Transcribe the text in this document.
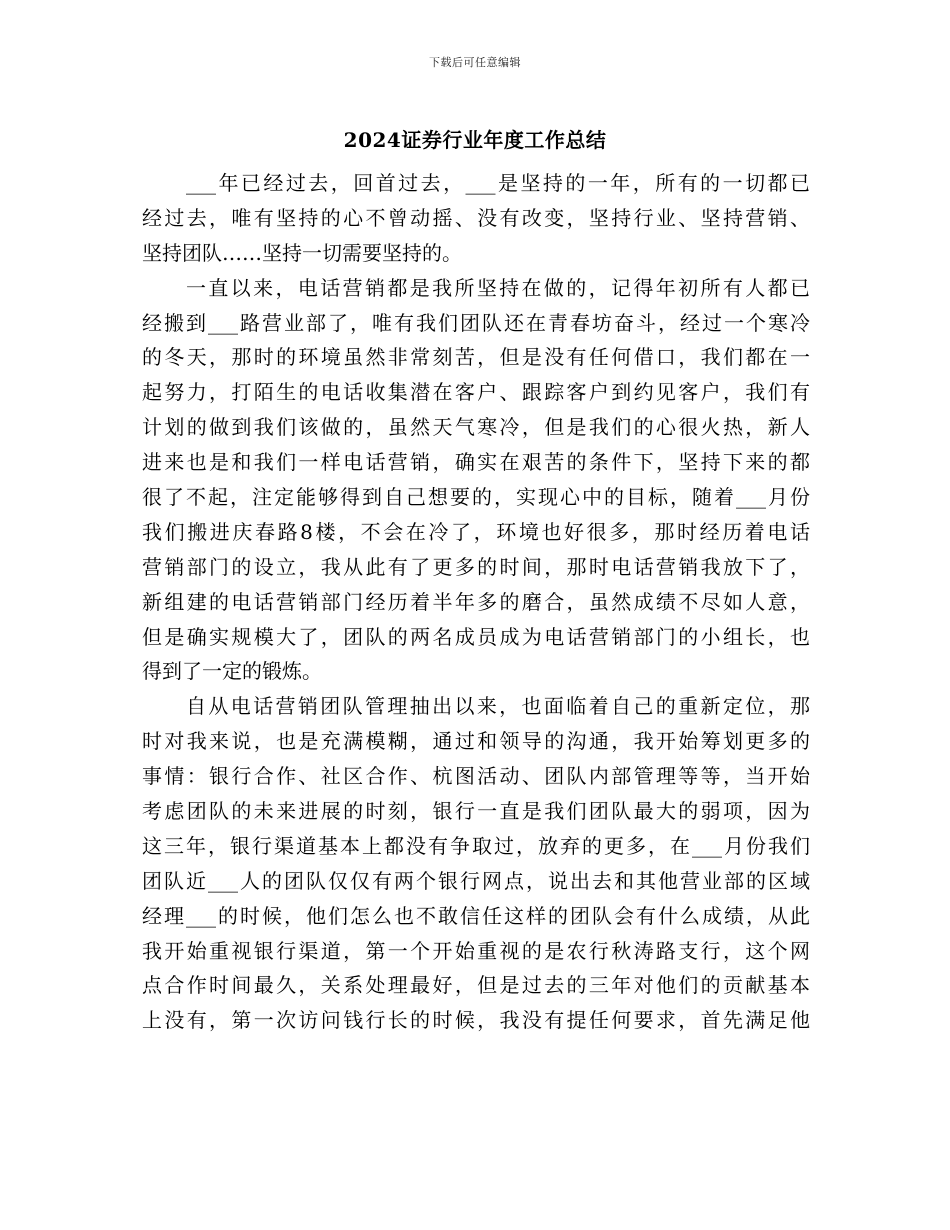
下载后可任意编辑
2024证券行业年度工作总结
___年已经过去，回首过去，___是坚持的一年，所有的一切都已
经过去，唯有坚持的心不曾动摇、没有改变，坚持行业、坚持营销、
坚持团队……坚持一切需要坚持的。
一直以来，电话营销都是我所坚持在做的，记得年初所有人都已
经搬到___路营业部了，唯有我们团队还在青春坊奋斗，经过一个寒冷
的冬天，那时的环境虽然非常刻苦，但是没有任何借口，我们都在一
起努力，打陌生的电话收集潜在客户、跟踪客户到约见客户，我们有
计划的做到我们该做的，虽然天气寒冷，但是我们的心很火热，新人
进来也是和我们一样电话营销，确实在艰苦的条件下，坚持下来的都
很了不起，注定能够得到自己想要的，实现心中的目标，随着___月份
我们搬进庆春路8楼，不会在冷了，环境也好很多，那时经历着电话
营销部门的设立，我从此有了更多的时间，那时电话营销我放下了，
新组建的电话营销部门经历着半年多的磨合，虽然成绩不尽如人意，
但是确实规模大了，团队的两名成员成为电话营销部门的小组长，也
得到了一定的锻炼。
自从电话营销团队管理抽出以来，也面临着自己的重新定位，那
时对我来说，也是充满模糊，通过和领导的沟通，我开始筹划更多的
事情：银行合作、社区合作、杭图活动、团队内部管理等等，当开始
考虑团队的未来进展的时刻，银行一直是我们团队最大的弱项，因为
这三年，银行渠道基本上都没有争取过，放弃的更多，在___月份我们
团队近___人的团队仅仅有两个银行网点，说出去和其他营业部的区域
经理___的时候，他们怎么也不敢信任这样的团队会有什么成绩，从此
我开始重视银行渠道，第一个开始重视的是农行秋涛路支行，这个网
点合作时间最久，关系处理最好，但是过去的三年对他们的贡献基本
上没有，第一次访问钱行长的时候，我没有提任何要求，首先满足他
